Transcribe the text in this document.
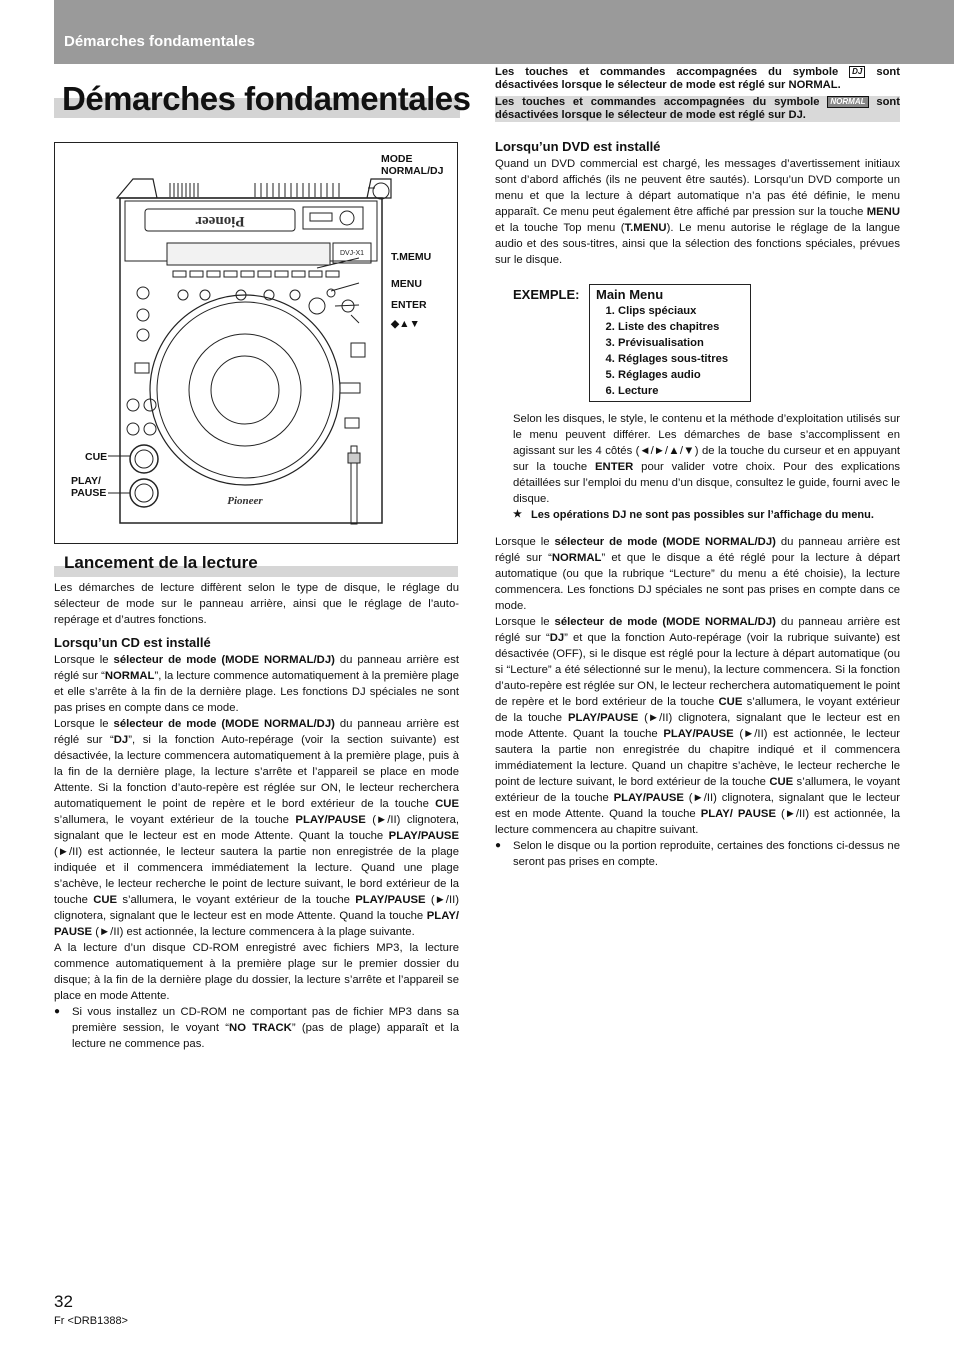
Démarches fondamentales
Démarches fondamentales
Les touches et commandes accompagnées du symbole DJ sont désactivées lorsque le sélecteur de mode est réglé sur NORMAL.
Les touches et commandes accompagnées du symbole NORMAL sont désactivées lorsque le sélecteur de mode est réglé sur DJ.
Pioneer
DVJ-X1
Pioneer
MODE
NORMAL/DJ
T.MEMU
MENU
ENTER
◆▲▼
CUE
PLAY/
PAUSE
Lancement de la lecture

Les démarches de lecture diffèrent selon le type de disque, le réglage du sélecteur de mode sur le panneau arrière, ainsi que le réglage de l’auto-repérage et d’autres fonctions.

Lorsqu’un CD est installé

Lorsque le sélecteur de mode (MODE NORMAL/DJ) du panneau arrière est réglé sur “NORMAL”, la lecture commence automatiquement à la première plage et elle s’arrête à la fin de la dernière plage. Les fonctions DJ spéciales ne sont pas prises en compte dans ce mode.

Lorsque le sélecteur de mode (MODE NORMAL/DJ) du panneau arrière est réglé sur “DJ”, si la fonction Auto-repérage (voir la section suivante) est désactivée, la lecture commencera automatiquement à la première plage, puis à la fin de la dernière plage, la lecture s’arrête et l’appareil se place en mode Attente. Si la fonction d’auto-repère est réglée sur ON, le lecteur recherchera automatiquement le point de repère et le bord extérieur de la touche CUE s’allumera, le voyant extérieur de la touche PLAY/PAUSE (►/II) clignotera, signalant que le lecteur est en mode Attente. Quant la touche PLAY/PAUSE (►/II) est actionnée, le lecteur sautera la partie non enregistrée de la plage indiquée et il commencera immédiatement la lecture. Quand une plage s’achève, le lecteur recherche le point de lecture suivant, le bord extérieur de la touche CUE s’allumera, le voyant extérieur de la touche PLAY/PAUSE (►/II) clignotera, signalant que le lecteur est en mode Attente. Quand la touche PLAY/ PAUSE (►/II) est actionnée, la lecture commencera à la plage suivante.

A la lecture d’un disque CD-ROM enregistré avec fichiers MP3, la lecture commence automatiquement à la première plage sur le premier dossier du disque; à la fin de la dernière plage du dossier, la lecture s’arrête et l’appareil se place en mode Attente.

● Si vous installez un CD-ROM ne comportant pas de fichier MP3 dans sa première session, le voyant “NO TRACK” (pas de plage) apparaît et la lecture ne commence pas.

Lorsqu’un DVD est installé

Quand un DVD commercial est chargé, les messages d’avertissement initiaux sont d’abord affichés (ils ne peuvent être sautés). Lorsqu’un DVD comporte un menu et que la lecture à départ automatique n’a pas été définie, le menu apparaît. Ce menu peut également être affiché par pression sur la touche MENU et la touche Top menu (T.MENU). Le menu autorise le réglage de la langue audio et des sous-titres, ainsi que la sélection des fonctions spéciales, prévues sur le disque.

EXEMPLE: Main Menu
1. Clips spéciaux
2. Liste des chapitres
3. Prévisualisation
4. Réglages sous-titres
5. Réglages audio
6. Lecture

Selon les disques, le style, le contenu et la méthode d’exploitation utilisés sur le menu peuvent différer. Les démarches de base s’accomplissent en agissant sur les 4 côtés (◄/►/▲/▼) de la touche du curseur et en appuyant sur la touche ENTER pour valider votre choix. Pour des explications détaillées sur l’emploi du menu d’un disque, consultez le guide, fourni avec le disque.

★ Les opérations DJ ne sont pas possibles sur l’affichage du menu.

Lorsque le sélecteur de mode (MODE NORMAL/DJ) du panneau arrière est réglé sur “NORMAL” et que le disque a été réglé pour la lecture à départ automatique (ou que la rubrique “Lecture” du menu a été choisie), la lecture commencera. Les fonctions DJ spéciales ne sont pas prises en compte dans ce mode.

Lorsque le sélecteur de mode (MODE NORMAL/DJ) du panneau arrière est réglé sur “DJ” et que la fonction Auto-repérage (voir la rubrique suivante) est désactivée (OFF), si le disque est réglé pour la lecture à départ automatique (ou si “Lecture” a été sélectionné sur le menu), la lecture commencera. Si la fonction d’auto-repère est réglée sur ON, le lecteur recherchera automatiquement le point de repère et le bord extérieur de la touche CUE s’allumera, le voyant extérieur de la touche PLAY/PAUSE (►/II) clignotera, signalant que le lecteur est en mode Attente. Quant la touche PLAY/PAUSE (►/II) est actionnée, le lecteur sautera la partie non enregistrée du chapitre indiqué et il commencera immédiatement la lecture. Quand un chapitre s’achève, le lecteur recherche le point de lecture suivant, le bord extérieur de la touche CUE s’allumera, le voyant extérieur de la touche PLAY/PAUSE (►/II) clignotera, signalant que le lecteur est en mode Attente. Quand la touche PLAY/ PAUSE (►/II) est actionnée, la lecture commencera au chapitre suivant.

● Selon le disque ou la portion reproduite, certaines des fonctions ci-dessus ne seront pas prises en compte.

32
Fr <DRB1388>
